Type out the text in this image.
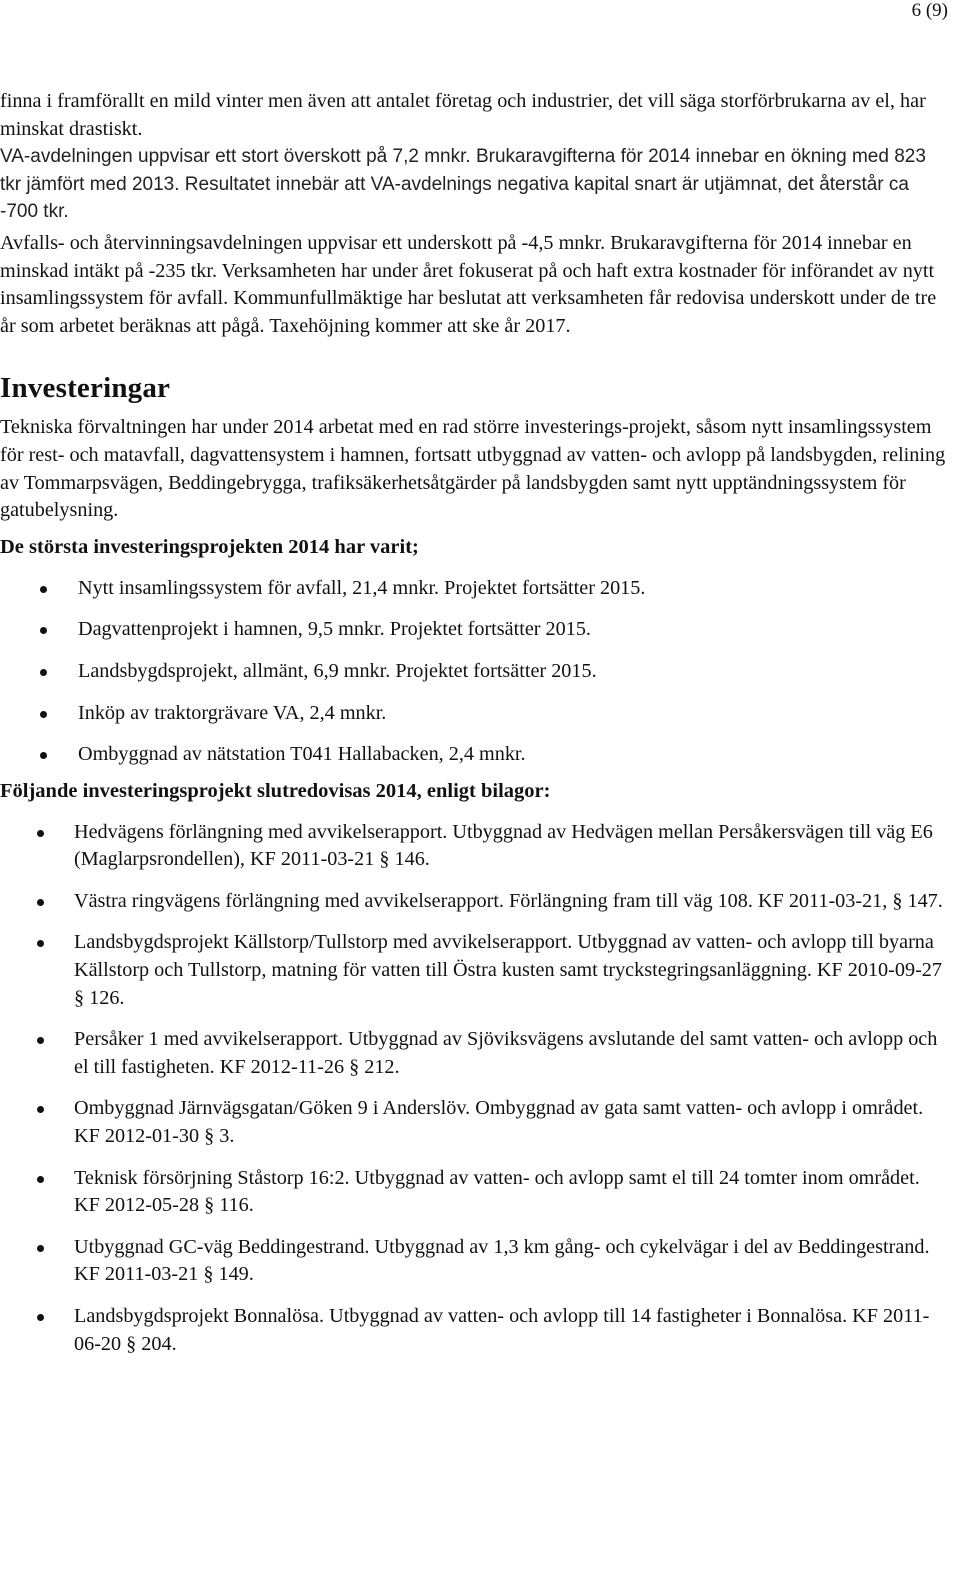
6 (9)

finna i framförallt en mild vinter men även att antalet företag och industrier, det vill säga storförbrukarna av el, har minskat drastiskt.

VA-avdelningen uppvisar ett stort överskott på 7,2 mnkr. Brukaravgifterna för 2014 innebar en ökning med 823 tkr jämfört med 2013. Resultatet innebär att VA-avdelnings negativa kapital snart är utjämnat, det återstår ca -700 tkr.

Avfalls- och återvinningsavdelningen uppvisar ett underskott på -4,5 mnkr. Brukaravgifterna för 2014 innebar en minskad intäkt på -235 tkr. Verksamheten har under året fokuserat på och haft extra kostnader för införandet av nytt insamlingssystem för avfall. Kommunfullmäktige har beslutat att verksamheten får redovisa underskott under de tre år som arbetet beräknas att pågå. Taxehöjning kommer att ske år 2017.

Investeringar

Tekniska förvaltningen har under 2014 arbetat med en rad större investerings-projekt, såsom nytt insamlingssystem för rest- och matavfall, dagvattensystem i hamnen, fortsatt utbyggnad av vatten- och avlopp på landsbygden, relining av Tommarpsvägen, Beddingebrygga, trafiksäkerhetsåtgärder på landsbygden samt nytt upptändningssystem för gatubelysning.

De största investeringsprojekten 2014 har varit;

Nytt insamlingssystem för avfall, 21,4 mnkr. Projektet fortsätter 2015.
Dagvattenprojekt i hamnen, 9,5 mnkr. Projektet fortsätter 2015.
Landsbygdsprojekt, allmänt, 6,9 mnkr. Projektet fortsätter 2015.
Inköp av traktorgrävare VA, 2,4 mnkr.
Ombyggnad av nätstation T041 Hallabacken, 2,4 mnkr.

Följande investeringsprojekt slutredovisas 2014, enligt bilagor:

Hedvägens förlängning med avvikelserapport. Utbyggnad av Hedvägen mellan Persåkersvägen till väg E6 (Maglarpsrondellen), KF 2011-03-21 § 146.
Västra ringvägens förlängning med avvikelserapport. Förlängning fram till väg 108. KF 2011-03-21, § 147.
Landsbygdsprojekt Källstorp/Tullstorp med avvikelserapport. Utbyggnad av vatten- och avlopp till byarna Källstorp och Tullstorp, matning för vatten till Östra kusten samt tryckstegringsanläggning. KF 2010-09-27 § 126.
Persåker 1 med avvikelserapport. Utbyggnad av Sjöviksvägens avslutande del samt vatten- och avlopp och el till fastigheten. KF 2012-11-26 § 212.
Ombyggnad Järnvägsgatan/Göken 9 i Anderslöv. Ombyggnad av gata samt vatten- och avlopp i området. KF 2012-01-30 § 3.
Teknisk försörjning Ståstorp 16:2. Utbyggnad av vatten- och avlopp samt el till 24 tomter inom området. KF 2012-05-28 § 116.
Utbyggnad GC-väg Beddingestrand. Utbyggnad av 1,3 km gång- och cykelvägar i del av Beddingestrand. KF 2011-03-21 § 149.
Landsbygdsprojekt Bonnalösa. Utbyggnad av vatten- och avlopp till 14 fastigheter i Bonnalösa. KF 2011-06-20 § 204.
